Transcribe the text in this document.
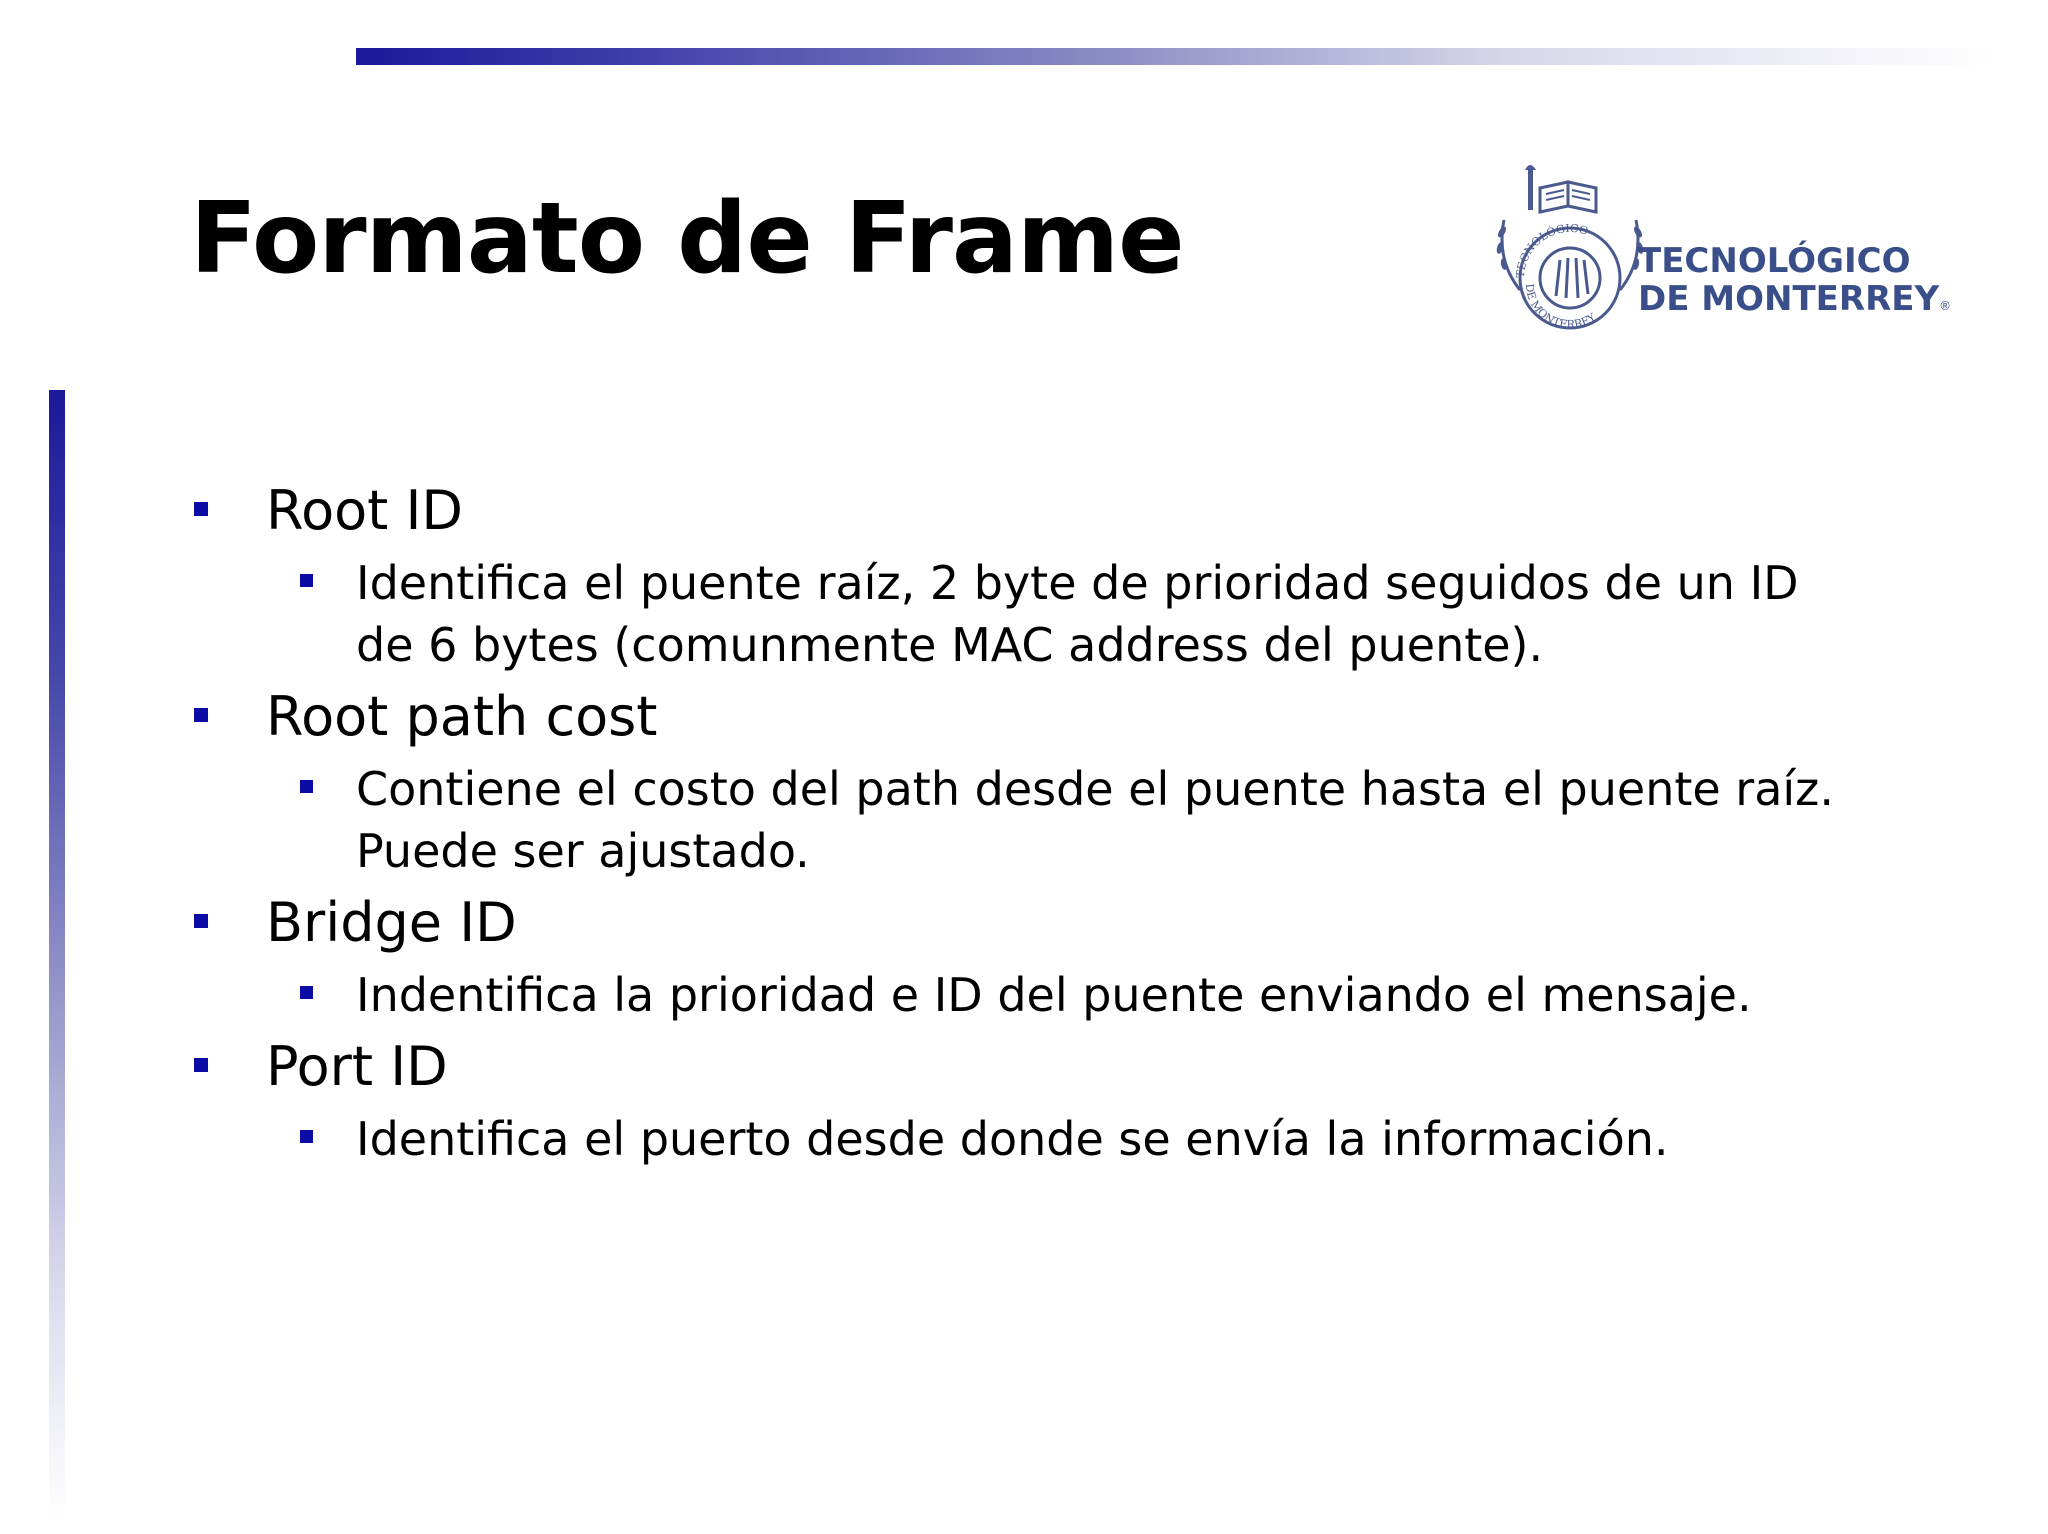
Formato de Frame	TECNOLÓGICO
DE MONTERREY
TECNOLÓGICO
DE MONTERREY®
Root ID
Identifica el puente raíz, 2 byte de prioridad seguidos de un ID de 6 bytes (comunmente MAC address del puente).
Root path cost
Contiene el costo del path desde el puente hasta el puente raíz. Puede ser ajustado.
Bridge ID
Indentifica la prioridad e ID del puente enviando el mensaje.
Port ID
Identifica el puerto desde donde se envía la información.
